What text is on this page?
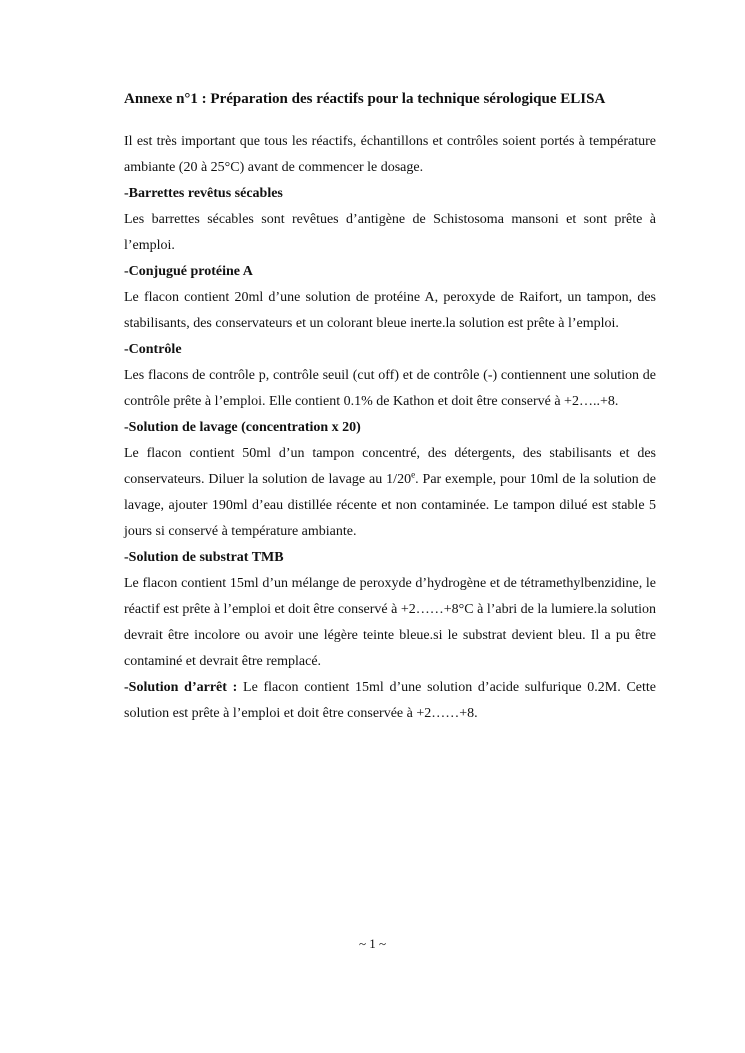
Annexe n°1 : Préparation des réactifs pour la technique sérologique ELISA

Il est très important que tous les réactifs, échantillons et contrôles soient portés à température ambiante (20 à 25°C) avant de commencer le dosage.

-Barrettes revêtus sécables

Les barrettes sécables sont revêtues d’antigène de Schistosoma mansoni et sont prête à l’emploi.

-Conjugué protéine A

Le flacon contient 20ml d’une solution de protéine A, peroxyde de Raifort, un tampon, des stabilisants, des conservateurs et un colorant bleue inerte.la solution est prête à l’emploi.

-Contrôle

Les flacons de contrôle p, contrôle seuil (cut off) et de contrôle (-) contiennent une solution de contrôle prête à l’emploi. Elle contient 0.1% de Kathon et doit être conservé à +2…..+8.

-Solution de lavage (concentration x 20)

Le flacon contient 50ml d’un tampon concentré, des détergents, des stabilisants et des conservateurs. Diluer la solution de lavage au 1/20e. Par exemple, pour 10ml de la solution de lavage, ajouter 190ml d’eau distillée récente et non contaminée. Le tampon dilué est stable 5 jours si conservé à température ambiante.

-Solution de substrat TMB

Le flacon contient 15ml d’un mélange de peroxyde d’hydrogène et de tétramethylbenzidine, le réactif est prête à l’emploi et doit être conservé à +2……+8°C à l’abri de la lumiere.la solution devrait être incolore ou avoir une légère teinte bleue.si le substrat devient bleu. Il a pu être contaminé et devrait être remplacé.

-Solution d’arrêt : Le flacon contient 15ml d’une solution d’acide sulfurique 0.2M. Cette solution est prête à l’emploi et doit être conservée à +2……+8.

~ 1 ~
